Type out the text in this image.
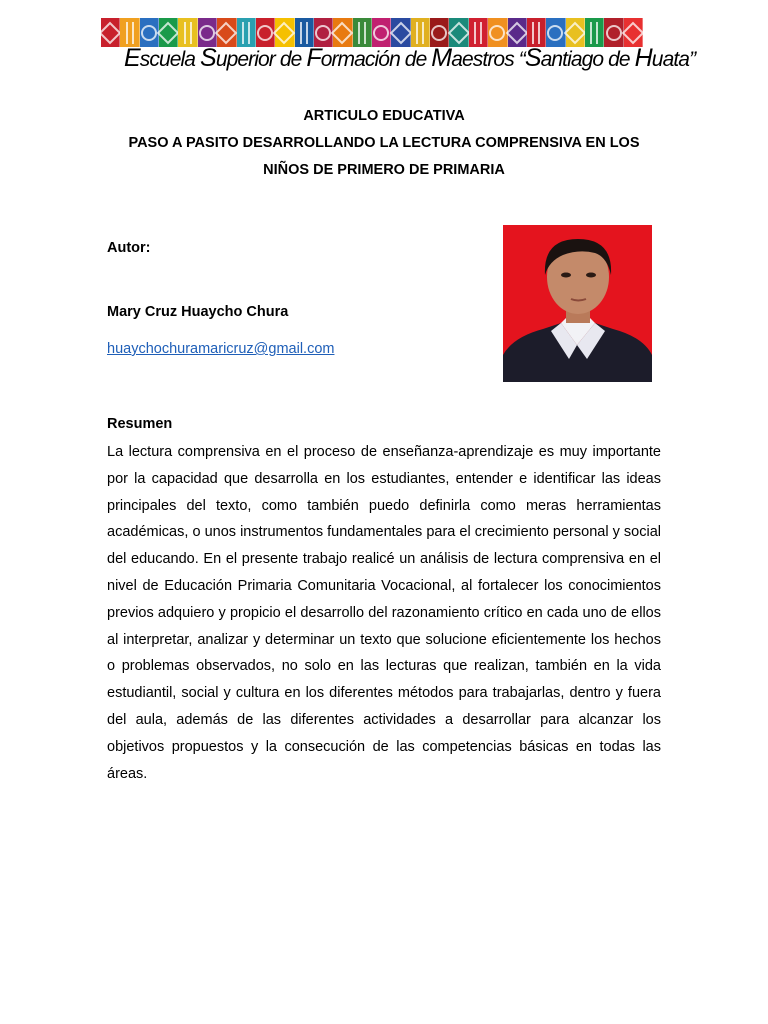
Escuela Superior de Formación de Maestros “Santiago de Huata”
ARTICULO EDUCATIVA
PASO A PASITO DESARROLLANDO LA LECTURA COMPRENSIVA EN LOS
NIÑOS DE PRIMERO DE PRIMARIA
Autor:
Mary Cruz Huaycho Chura
huaychochuramaricruz@gmail.com
Resumen
La lectura comprensiva en el proceso de enseñanza-aprendizaje es muy importante por la capacidad que desarrolla en los estudiantes, entender e identificar las ideas principales del texto, como también puedo definirla como meras herramientas académicas, o unos instrumentos fundamentales para el crecimiento personal y social del educando. En el presente trabajo realicé un análisis de lectura comprensiva en el nivel de Educación Primaria Comunitaria Vocacional, al fortalecer los conocimientos previos adquiero y propicio el desarrollo del razonamiento crítico en cada uno de ellos al interpretar, analizar y determinar un texto que solucione eficientemente los hechos o problemas observados, no solo en las lecturas que realizan, también en la vida estudiantil, social y cultura en los diferentes métodos para trabajarlas, dentro y fuera del aula, además de las diferentes actividades a desarrollar para alcanzar los objetivos propuestos y la consecución de las competencias básicas en todas las áreas.
